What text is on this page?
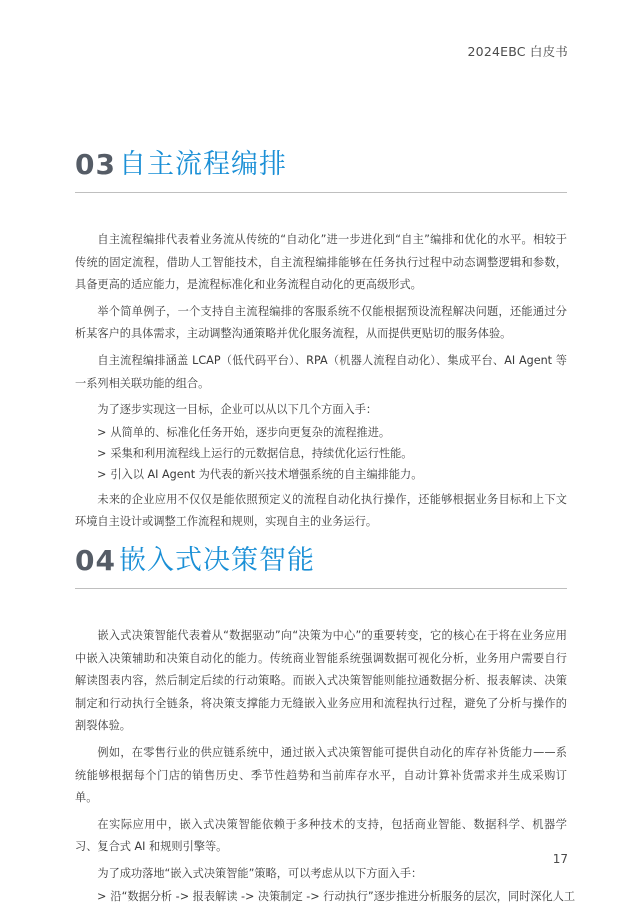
2024EBC 白皮书
03 自主流程编排

自主流程编排代表着业务流从传统的“自动化”进一步进化到“自主”编排和优化的水平。相较于传统的固定流程，借助人工智能技术，自主流程编排能够在任务执行过程中动态调整逻辑和参数，具备更高的适应能力，是流程标准化和业务流程自动化的更高级形式。

举个简单例子，一个支持自主流程编排的客服系统不仅能根据预设流程解决问题，还能通过分析某客户的具体需求，主动调整沟通策略并优化服务流程，从而提供更贴切的服务体验。

自主流程编排涵盖 LCAP（低代码平台）、RPA（机器人流程自动化）、集成平台、AI Agent 等一系列相关联功能的组合。

为了逐步实现这一目标，企业可以从以下几个方面入手：

> 从简单的、标准化任务开始，逐步向更复杂的流程推进。

> 采集和利用流程线上运行的元数据信息，持续优化运行性能。

> 引入以 AI Agent 为代表的新兴技术增强系统的自主编排能力。

未来的企业应用不仅仅是能依照预定义的流程自动化执行操作，还能够根据业务目标和上下文环境自主设计或调整工作流程和规则，实现自主的业务运行。

04 嵌入式决策智能

嵌入式决策智能代表着从“数据驱动”向“决策为中心”的重要转变，它的核心在于将在业务应用中嵌入决策辅助和决策自动化的能力。传统商业智能系统强调数据可视化分析，业务用户需要自行解读图表内容，然后制定后续的行动策略。而嵌入式决策智能则能拉通数据分析、报表解读、决策制定和行动执行全链条，将决策支撑能力无缝嵌入业务应用和流程执行过程，避免了分析与操作的割裂体验。

例如，在零售行业的供应链系统中，通过嵌入式决策智能可提供自动化的库存补货能力——系统能够根据每个门店的销售历史、季节性趋势和当前库存水平，自动计算补货需求并生成采购订单。

在实际应用中，嵌入式决策智能依赖于多种技术的支持，包括商业智能、数据科学、机器学习、复合式 AI 和规则引擎等。

为了成功落地“嵌入式决策智能”策略，可以考虑从以下方面入手：

> 沿“数据分析 -> 报表解读 -> 决策制定 -> 行动执行”逐步推进分析服务的层次，同时深化人工

17
